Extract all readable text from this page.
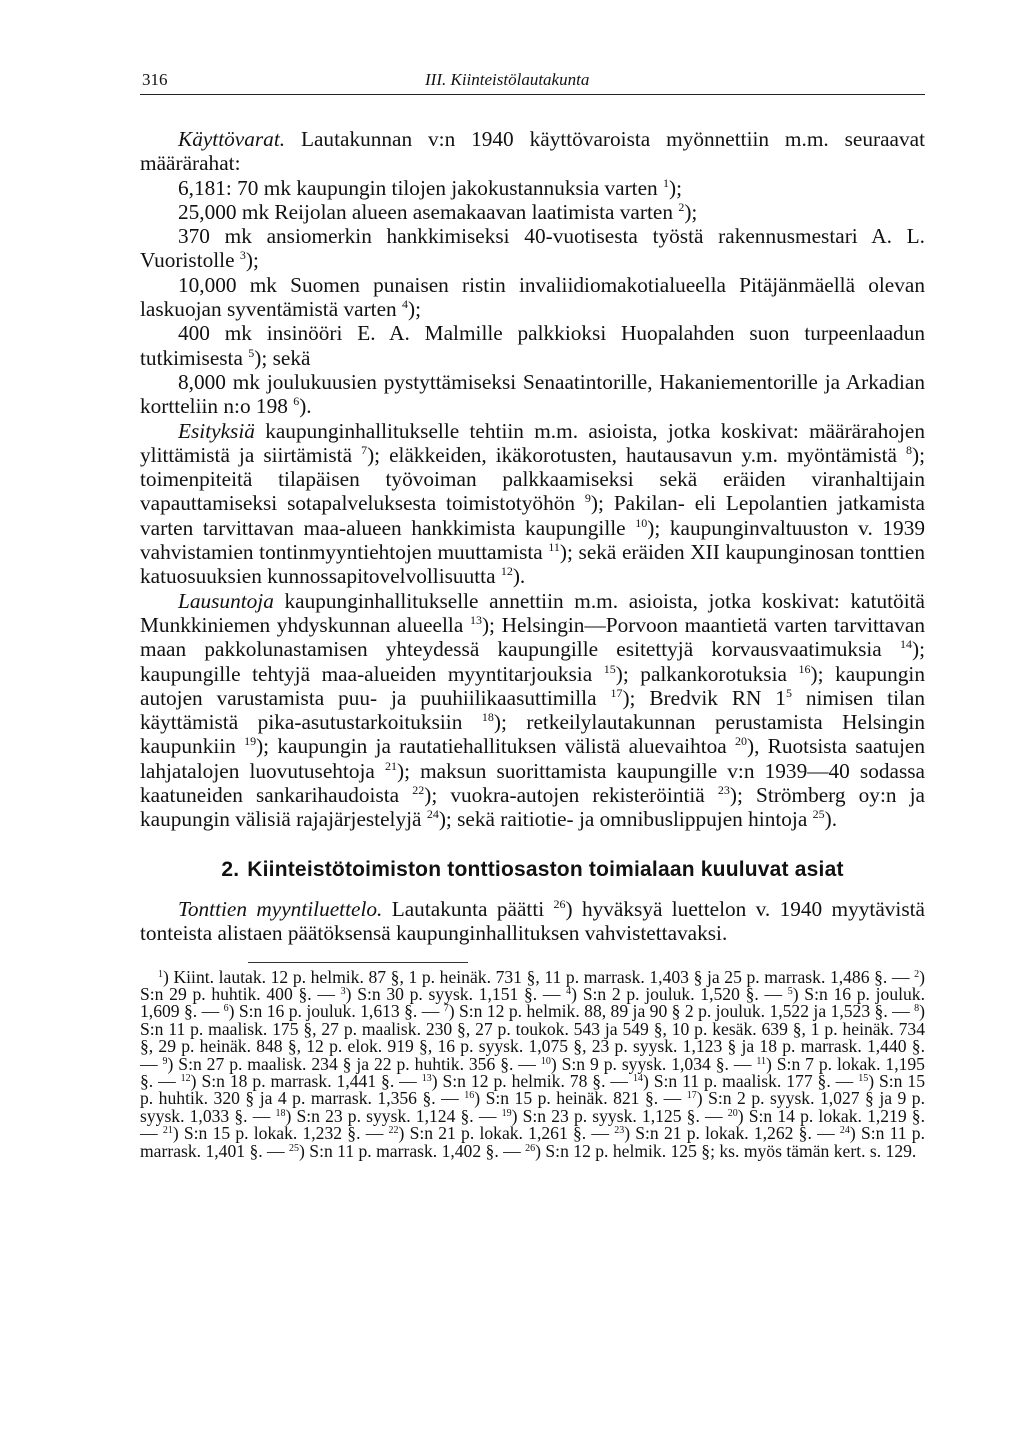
316	III. Kiinteistölautakunta

Käyttövarat. Lautakunnan v:n 1940 käyttövaroista myönnettiin m.m. seuraavat määrärahat:

6,181: 70 mk kaupungin tilojen jakokustannuksia varten $^1$);

25,000 mk Reijolan alueen asemakaavan laatimista varten $^2$);

370 mk ansiomerkin hankkimiseksi 40-vuotisesta työstä rakennusmestari A. L. Vuoristolle $^3$);

10,000 mk Suomen punaisen ristin invaliidiomakotialueella Pitäjänmäellä olevan laskuojan syventämistä varten $^4$);

400 mk insinööri E. A. Malmille palkkioksi Huopalahden suon turpeenlaadun tutkimisesta $^5$); sekä

8,000 mk joulukuusien pystyttämiseksi Senaatintorille, Hakaniementorille ja Arkadian kortteliin n:o 198 $^6$).

Esityksiä kaupunginhallitukselle tehtiin m.m. asioista, jotka koskivat: määrärahojen ylittämistä ja siirtämistä $^7$); eläkkeiden, ikäkorotusten, hautausavun y.m. myöntämistä $^8$); toimenpiteitä tilapäisen työvoiman palkkaamiseksi sekä eräiden viranhaltijain vapauttamiseksi sotapalveluksesta toimistotyöhön $^9$); Pakilan- eli Lepolantien jatkamista varten tarvittavan maa-alueen hankkimista kaupungille $^{10}$); kaupunginvaltuuston v. 1939 vahvistamien tontinmyyntiehtojen muuttamista $^{11}$); sekä eräiden XII kaupunginosan tonttien katuosuuksien kunnossapitovelvollisuutta $^{12}$).

Lausuntoja kaupunginhallitukselle annettiin m.m. asioista, jotka koskivat: katutöitä Munkkiniemen yhdyskunnan alueella $^{13}$); Helsingin—Porvoon maantietä varten tarvittavan maan pakkolunastamisen yhteydessä kaupungille esitettyjä korvausvaatimuksia $^{14}$); kaupungille tehtyjä maa-alueiden myyntitarjouksia $^{15}$); palkankorotuksia $^{16}$); kaupungin autojen varustamista puu- ja puuhiilikaasuttimilla $^{17}$); Bredvik RN $1^5$ nimisen tilan käyttämistä pika-asutustarkoituksiin $^{18}$); retkeilylautakunnan perustamista Helsingin kaupunkiin $^{19}$); kaupungin ja rautatiehallituksen välistä aluevaihtoa $^{20}$), Ruotsista saatujen lahjatalojen luovutusehtoja $^{21}$); maksun suorittamista kaupungille v:n 1939—40 sodassa kaatuneiden sankarihaudoista $^{22}$); vuokra-autojen rekisteröintiä $^{23}$); Strömberg oy:n ja kaupungin välisiä rajajärjestelyjä $^{24}$); sekä raitiotie- ja omnibuslippujen hintoja $^{25}$).

2. Kiinteistötoimiston tonttiosaston toimialaan kuuluvat asiat

Tonttien myyntiluettelo. Lautakunta päätti $^{26}$) hyväksyä luettelon v. 1940 myytävistä tonteista alistaen päätöksensä kaupunginhallituksen vahvistettavaksi.

$^1$) Kiint. lautak. 12 p. helmik. 87 §, 1 p. heinäk. 731 §, 11 p. marrask. 1,403 § ja 25 p. marrask. 1,486 §. — $^2$) S:n 29 p. huhtik. 400 §. — $^3$) S:n 30 p. syysk. 1,151 §. — $^4$) S:n 2 p. jouluk. 1,520 §. — $^5$) S:n 16 p. jouluk. 1,609 §. — $^6$) S:n 16 p. jouluk. 1,613 §. — $^7$) S:n 12 p. helmik. 88, 89 ja 90 § 2 p. jouluk. 1,522 ja 1,523 §. — $^8$) S:n 11 p. maalisk. 175 §, 27 p. maalisk. 230 §, 27 p. toukok. 543 ja 549 §, 10 p. kesäk. 639 §, 1 p. heinäk. 734 §, 29 p. heinäk. 848 §, 12 p. elok. 919 §, 16 p. syysk. 1,075 §, 23 p. syysk. 1,123 § ja 18 p. marrask. 1,440 §. — $^9$) S:n 27 p. maalisk. 234 § ja 22 p. huhtik. 356 §. — $^{10}$) S:n 9 p. syysk. 1,034 §. — $^{11}$) S:n 7 p. lokak. 1,195 §. — $^{12}$) S:n 18 p. marrask. 1,441 §. — $^{13}$) S:n 12 p. helmik. 78 §. — $^{14}$) S:n 11 p. maalisk. 177 §. — $^{15}$) S:n 15 p. huhtik. 320 § ja 4 p. marrask. 1,356 §. — $^{16}$) S:n 15 p. heinäk. 821 §. — $^{17}$) S:n 2 p. syysk. 1,027 § ja 9 p. syysk. 1,033 §. — $^{18}$) S:n 23 p. syysk. 1,124 §. — $^{19}$) S:n 23 p. syysk. 1,125 §. — $^{20}$) S:n 14 p. lokak. 1,219 §. — $^{21}$) S:n 15 p. lokak. 1,232 §. — $^{22}$) S:n 21 p. lokak. 1,261 §. — $^{23}$) S:n 21 p. lokak. 1,262 §. — $^{24}$) S:n 11 p. marrask. 1,401 §. — $^{25}$) S:n 11 p. marrask. 1,402 §. — $^{26}$) S:n 12 p. helmik. 125 §; ks. myös tämän kert. s. 129.
